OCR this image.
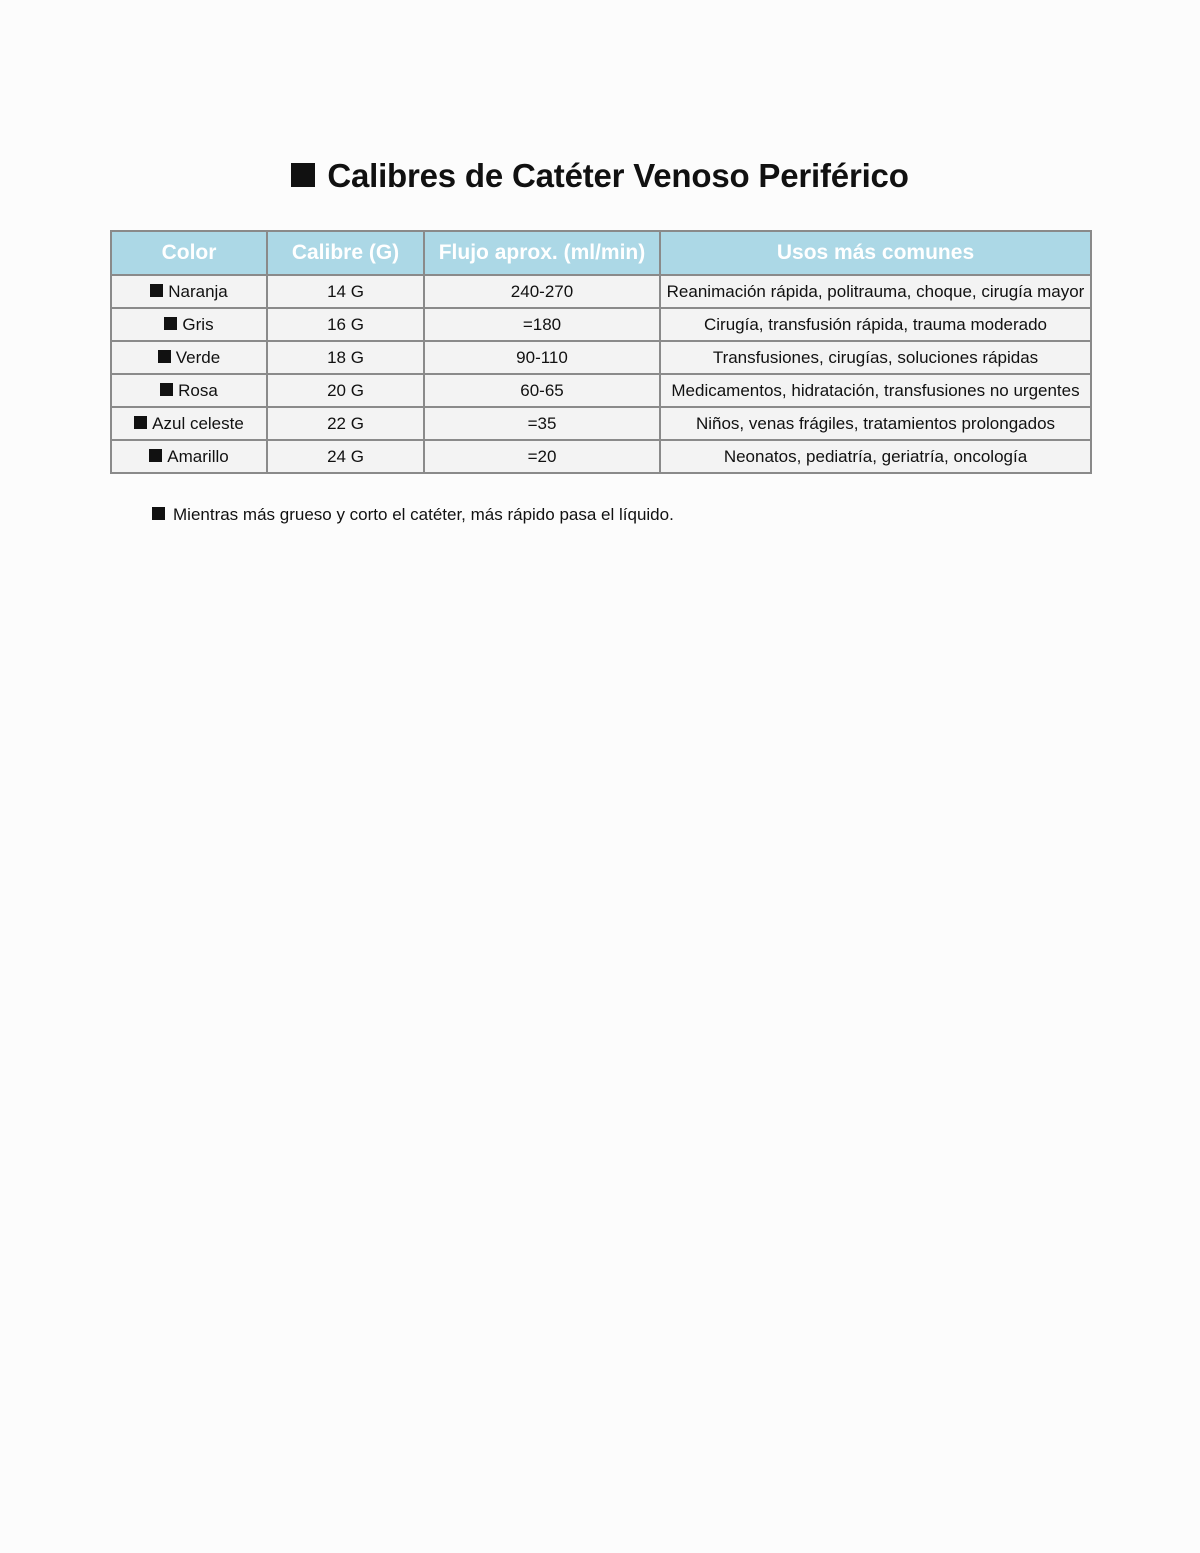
Calibres de Catéter Venoso Periférico
Color	Calibre (G)	Flujo aprox. (ml/min)	Usos más comunes
Naranja	14 G	240-270	Reanimación rápida, politrauma, choque, cirugía mayor
Gris	16 G	=180	Cirugía, transfusión rápida, trauma moderado
Verde	18 G	90-110	Transfusiones, cirugías, soluciones rápidas
Rosa	20 G	60-65	Medicamentos, hidratación, transfusiones no urgentes
Azul celeste	22 G	=35	Niños, venas frágiles, tratamientos prolongados
Amarillo	24 G	=20	Neonatos, pediatría, geriatría, oncología
Mientras más grueso y corto el catéter, más rápido pasa el líquido.
